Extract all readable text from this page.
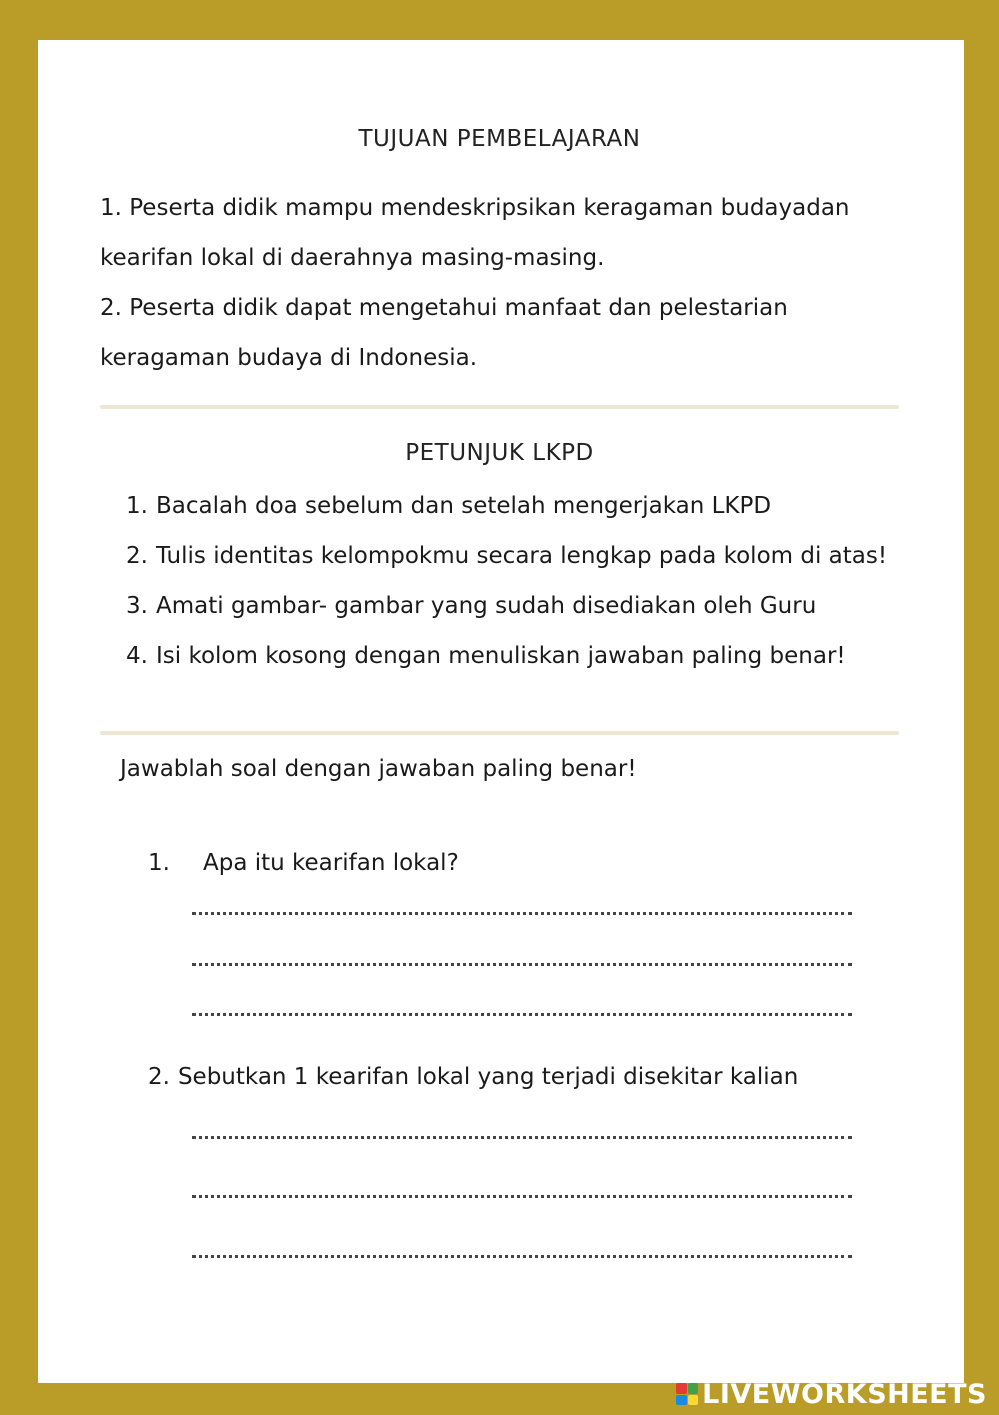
TUJUAN PEMBELAJARAN
1. Peserta didik mampu mendeskripsikan keragaman budayadan
kearifan lokal di daerahnya masing-masing.
2. Peserta didik dapat mengetahui manfaat dan pelestarian
keragaman budaya di Indonesia.
PETUNJUK LKPD
1. Bacalah doa sebelum dan setelah mengerjakan LKPD
2. Tulis identitas kelompokmu secara lengkap pada kolom di atas!
3. Amati gambar- gambar yang sudah disediakan oleh Guru
4. Isi kolom kosong dengan menuliskan jawaban paling benar!
Jawablah soal dengan jawaban paling benar!
1. Apa itu kearifan lokal?
2. Sebutkan 1 kearifan lokal yang terjadi disekitar kalian
LIVEWORKSHEETS
